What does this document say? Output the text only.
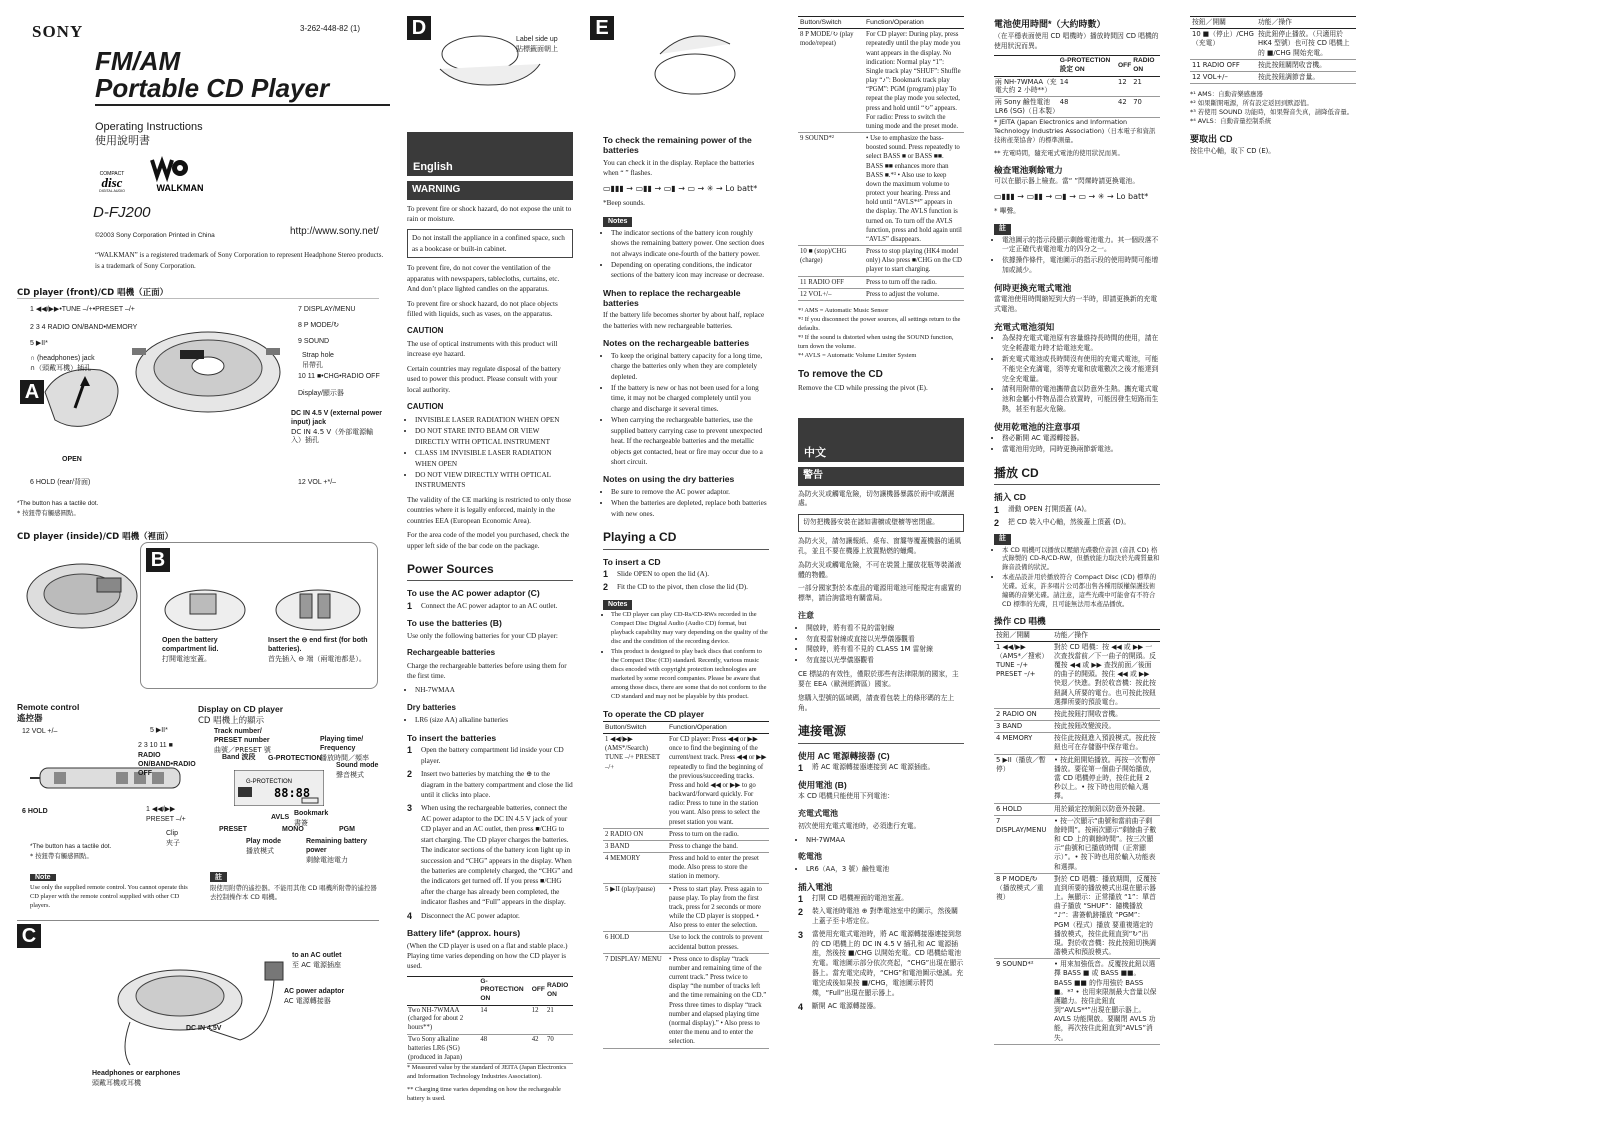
SONY	3-262-448-82 (1)
FM/AM
Portable CD Player
Operating Instructions
使用說明書
COMPACT
disc
DIGITAL AUDIO	WALKMAN
D-FJ200
©2003 Sony Corporation Printed in China	http://www.sony.net/
“WALKMAN” is a registered trademark of Sony Corporation to represent Headphone Stereo products. is a trademark of Sony Corporation.
CD player (front)/CD 唱機（正面）
A
1 ◀◀/▶▶•TUNE –/+•PRESET –/+
2 3 4 RADIO ON/BAND•MEMORY
5 ▶II*
∩ (headphones) jack
∩（頭戴耳機）插孔
OPEN
6 HOLD (rear/背面)
7 DISPLAY/MENU
8 P MODE/↻
9 SOUND
Strap hole
吊帶孔
10 11 ■•CHG•RADIO OFF
Display/顯示器
DC IN 4.5 V (external power input) jack
DC IN 4.5 V（外部電源輸入）插孔
12 VOL +*/–
*The button has a tactile dot.
* 按鈕帶有觸感圓點。
CD player (inside)/CD 唱機（裡面）
B
Open the battery compartment lid.
打開電池室蓋。
Insert the ⊖ end first (for both batteries).
首先插入 ⊖ 端（兩電池都是）。
Remote control
遙控器
12 VOL +/–	5 ▶II*
2 3 10 11 ■
RADIO ON/BAND•RADIO OFF
1 ◀◀/▶▶
PRESET –/+
6 HOLD
Clip
夾子
*The button has a tactile dot.
* 按鈕帶有觸感圓點。
Note
Use only the supplied remote control. You cannot operate this CD player with the remote control supplied with other CD players.
註
限使用附帶的遙控器。不能用其他 CD 唱機所附帶的遙控器去控制操作本 CD 唱機。
Display on CD player
CD 唱機上的顯示
G-PROTECTION
88:88
Track number/ PRESET number
曲號／PRESET 號
Band 波段 G-PROTECTION
Playing time/ Frequency
播放時間／頻率
Sound mode
聲音模式
Bookmark
書簽
AVLS
PRESET	MONO	PGM
Play mode
播放模式
Remaining battery power
剩餘電池電力
C
to an AC outlet
至 AC 電源插座
AC power adaptor
AC 電源轉接器
DC IN 4.5V
Headphones or earphones
頭戴耳機或耳機
D
Label side up
貼標籤面朝上
E
English
WARNING

To prevent fire or shock hazard, do not expose the unit to rain or moisture.

Do not install the appliance in a confined space, such as a bookcase or built-in cabinet.

To prevent fire, do not cover the ventilation of the apparatus with newspapers, tablecloths, curtains, etc. And don’t place lighted candles on the apparatus.

To prevent fire or shock hazard, do not place objects filled with liquids, such as vases, on the apparatus.

CAUTION

The use of optical instruments with this product will increase eye hazard.

Certain countries may regulate disposal of the battery used to power this product. Please consult with your local authority.

CAUTION
• INVISIBLE LASER RADIATION WHEN OPEN
• DO NOT STARE INTO BEAM OR VIEW DIRECTLY WITH OPTICAL INSTRUMENT
• CLASS 1M INVISIBLE LASER RADIATION WHEN OPEN
• DO NOT VIEW DIRECTLY WITH OPTICAL INSTRUMENTS

The validity of the CE marking is restricted to only those countries where it is legally enforced, mainly in the countries EEA (European Economic Area).

For the area code of the model you purchased, check the upper left side of the bar code on the package.

Power Sources
To use the AC power adaptor (C)
1 Connect the AC power adaptor to an AC outlet.
To use the batteries (B)

Use only the following batteries for your CD player:

Rechargeable batteries

Charge the rechargeable batteries before using them for the first time.

• NH-7WMAA
Dry batteries
• LR6 (size AA) alkaline batteries
To insert the batteries
1 Open the battery compartment lid inside your CD player.
2 Insert two batteries by matching the ⊕ to the diagram in the battery compartment and close the lid until it clicks into place.
3 When using the rechargeable batteries, connect the AC power adaptor to the DC IN 4.5 V jack of your CD player and an AC outlet, then press ■/CHG to start charging. The CD player charges the batteries. The indicator sections of the battery icon light up in succession and “CHG” appears in the display. When the batteries are completely charged, the “CHG” and the indicators get turned off. If you press ■/CHG after the charge has already been completed, the indicator flashes and “Full” appears in the display.
4 Disconnect the AC power adaptor.
Battery life* (approx. hours)

(When the CD player is used on a flat and stable place.) Playing time varies depending on how the CD player is used.

	G-PROTECTION ON	OFF	RADIO ON
Two NH-7WMAA (charged for about 2 hours**)	14	12	21
Two Sony alkaline batteries LR6 (SG) (produced in Japan)	48	42	70

* Measured value by the standard of JEITA (Japan Electronics and Information Technology Industries Association).

** Charging time varies depending on how the rechargeable battery is used.

To check the remaining power of the batteries

You can check it in the display. Replace the batteries when “ ” flashes.

▭▮▮▮ → ▭▮▮ → ▭▮ → ▭ → ✳ → Lo batt*

*Beep sounds.

Notes
• The indicator sections of the battery icon roughly shows the remaining battery power. One section does not always indicate one-fourth of the battery power.
• Depending on operating conditions, the indicator sections of the battery icon may increase or decrease.
When to replace the rechargeable batteries

If the battery life becomes shorter by about half, replace the batteries with new rechargeable batteries.

Notes on the rechargeable batteries
• To keep the original battery capacity for a long time, charge the batteries only when they are completely depleted.
• If the battery is new or has not been used for a long time, it may not be charged completely until you charge and discharge it several times.
• When carrying the rechargeable batteries, use the supplied battery carrying case to prevent unexpected heat. If the rechargeable batteries and the metallic objects get contacted, heat or fire may occur due to a short circuit.
Notes on using the dry batteries
• Be sure to remove the AC power adaptor.
• When the batteries are depleted, replace both batteries with new ones.
Playing a CD
To insert a CD
1 Slide OPEN to open the lid (A).
2 Fit the CD to the pivot, then close the lid (D).
Notes
• The CD player can play CD-Rs/CD-RWs recorded in the Compact Disc Digital Audio (Audio CD) format, but playback capability may vary depending on the quality of the disc and the condition of the recording device.
• This product is designed to play back discs that conform to the Compact Disc (CD) standard. Recently, various music discs encoded with copyright protection technologies are marketed by some record companies. Please be aware that among those discs, there are some that do not conform to the CD standard and may not be playable by this product.
To operate the CD player
Button/Switch	Function/Operation
1 ◀◀/▶▶ (AMS*/Search) TUNE –/+ PRESET –/+	For CD player: Press ◀◀ or ▶▶ once to find the beginning of the current/next track. Press ◀◀ or ▶▶ repeatedly to find the beginning of the previous/succeeding tracks. Press and hold ◀◀ or ▶▶ to go backward/forward quickly. For radio: Press to tune in the station you want. Also press to select the preset station you want.
2 RADIO ON	Press to turn on the radio.
3 BAND	Press to change the band.
4 MEMORY	Press and hold to enter the preset mode. Also press to store the station in memory.
5 ▶II (play/pause)	• Press to start play. Press again to pause play. To play from the first track, press for 2 seconds or more while the CD player is stopped. • Also press to enter the selection.
6 HOLD	Use to lock the controls to prevent accidental button presses.
7 DISPLAY/ MENU	• Press once to display “track number and remaining time of the current track.” Press twice to display “the number of tracks left and the time remaining on the CD.” Press three times to display “track number and elapsed playing time (normal display).” • Also press to enter the menu and to enter the selection.
Button/Switch	Function/Operation
8 P MODE/↻ (play mode/repeat)	For CD player: During play, press repeatedly until the play mode you want appears in the display. No indication: Normal play “1”: Single track play “SHUF”: Shuffle play “♪”: Bookmark track play “PGM”: PGM (program) play To repeat the play mode you selected, press and hold until “↻” appears. For radio: Press to switch the tuning mode and the preset mode.
9 SOUND*²	• Use to emphasize the bass-boosted sound. Press repeatedly to select BASS ■ or BASS ■■. BASS ■■ enhances more than BASS ■.*³ • Also use to keep down the maximum volume to protect your hearing. Press and hold until “AVLS*⁴” appears in the display. The AVLS function is turned on. To turn off the AVLS function, press and hold again until “AVLS” disappears.
10 ■ (stop)/CHG (charge)	Press to stop playing (HK4 model only) Also press ■/CHG on the CD player to start charging.
11 RADIO OFF	Press to turn off the radio.
12 VOL+/–	Press to adjust the volume.
*¹ AMS = Automatic Music Sensor
*² If you disconnect the power sources, all settings return to the defaults.
*³ If the sound is distorted when using the SOUND function, turn down the volume.
*⁴ AVLS = Automatic Volume Limiter System
To remove the CD

Remove the CD while pressing the pivot (E).

中文
警告

為防火災或觸電危險，切勿讓機器暴露於雨中或潮濕處。

切勿把機器安裝在諸如書櫥或壁櫥等密閉處。

為防火災，請勿讓報紙、桌布、窗簾等覆蓋機器的通風孔，並且不要在機器上放置點燃的蠟燭。

為防火災或觸電危險，不可在裝置上擺放花瓶等裝滿液體的物體。

一部分國家對於本產品的電源用電池可能規定有處置的標準，請洽詢當地有關當局。

注意
• 開啟時，將有看不見的雷射線
• 勿直視雷射線或直接以光學儀器觀看
• 開啟時，將有看不見的 CLASS 1M 雷射線
• 勿直接以光學儀器觀看

CE 標誌的有效性，僅限於那些有法律限制的國家，主要在 EEA（歐洲經濟區）國家。

您購入型號的區域碼，請查看包裝上的條形碼的左上角。

連接電源
使用 AC 電源轉接器 (C)
1 將 AC 電源轉接器連接到 AC 電源插座。
使用電池 (B)

本 CD 唱機只能使用下列電池：

充電式電池

初次使用充電式電池時，必須進行充電。

• NH-7WMAA
乾電池
• LR6（AA，3 號）鹼性電池
插入電池
1 打開 CD 唱機裡面的電池室蓋。
2 裝入電池時電池 ⊕ 對準電池室中的圖示，然後關上蓋子至卡塔定位。
3 當使用充電式電池時，將 AC 電源轉接器連接到您的 CD 唱機上的 DC IN 4.5 V 插孔和 AC 電源插座，然後按 ■/CHG 以開始充電。CD 唱機給電池充電。電池圖示部分依次亮起，“CHG”出現在顯示器上。當充電完成時，“CHG”和電池圖示熄滅。充電完成後如果按 ■/CHG，電池圖示將閃爍，“Full”出現在顯示器上。
4 斷開 AC 電源轉接器。
電池使用時間*（大約時數）

（在平穩表面使用 CD 唱機時）播放時間因 CD 唱機的使用狀況而異。

	G-PROTECTION 設定 ON	OFF	RADIO ON
兩 NH-7WMAA（充電大約 2 小時**）	14	12	21
兩 Sony 鹼性電池 LR6 (SG)（日本製）	48	42	70

* JEITA (Japan Electronics and Information Technology Industries Association)（日本電子和資訊技術產業協會）的標準測量。

** 充電時間，隨充電式電池的使用狀況而異。

檢查電池剩餘電力

可以在顯示器上檢查。當“ ”閃爍時請更換電池。

▭▮▮▮ → ▭▮▮ → ▭▮ → ▭ → ✳ → Lo batt*

* 嗶聲。

註
• 電池圖示的指示段顯示剩餘電池電力。其一個段落不一定正確代表電池電力的四分之一。
• 依據操作條件，電池圖示的指示段的使用時間可能增加或減少。
何時更換充電式電池

當電池使用時間縮短到大約一半時，即請更換新的充電式電池。

充電式電池須知
• 為保持充電式電池原有容量維持長時間的使用，請在完全耗盡電力時才給電池充電。
• 新充電式電池或長時間沒有使用的充電式電池，可能不能完全充滿電，須等充電和放電數次之後才能達到完全充電量。
• 請利用附帶的電池攜帶盒以防意外生熱。攜充電式電池和金屬小件物品混合放置時，可能因發生短路而生熱，甚至有起火危險。
使用乾電池的注意事項
• 務必斷開 AC 電源轉接器。
• 當電池用完時，同時更換兩節新電池。
播放 CD
插入 CD
1 滑動 OPEN 打開頂蓋 (A)。
2 把 CD 裝入中心軸，然後蓋上頂蓋 (D)。
註
• 本 CD 唱機可以播放以壓縮光碟數位音訊 (音訊 CD) 格式錄製的 CD-R/CD-RW，但播放能力取決於光碟質量和錄音設備的狀況。
• 本產品設計用於播放符合 Compact Disc (CD) 標準的光碟。近來，許多唱片公司都出售各種用版權保護技術編碼的音樂光碟。請注意，這些光碟中可能會有不符合 CD 標準的光碟，且可能無法用本產品播放。
操作 CD 唱機
按鈕／開關	功能／操作
1 ◀◀/▶▶（AMS*／搜索）TUNE –/+ PRESET –/+	對於 CD 唱機：按 ◀◀ 或 ▶▶ 一次查找當前／下一曲子的開頭。反覆按 ◀◀ 或 ▶▶ 查找前面／後面的曲子的開頭。按住 ◀◀ 或 ▶▶ 快退／快進。對於收音機：按此按鈕調入所要的電台。也可按此按鈕選擇所要的預設電台。
2 RADIO ON	按此按鈕打開收音機。
3 BAND	按此按鈕改變波段。
4 MEMORY	按住此按鈕進入預設模式。按此按鈕也可在存儲器中保存電台。
5 ▶II（播放／暫停）	• 按此鈕開始播放。再按一次暫停播放。要從第一個曲子開始播放，當 CD 唱機停止時，按住此鈕 2 秒以上。• 按下時也用於輸入選擇。
6 HOLD	用於鎖定控制鈕以防意外按鍵。
7 DISPLAY/MENU	• 按一次顯示“曲號和當前曲子剩餘時間”。按兩次顯示“剩餘曲子數和 CD 上的剩餘時間”。按三次顯示“曲號和已播放時間（正常顯示）”。• 按下時也用於輸入功能表和選擇。
8 P MODE/↻（播放模式／重複）	對於 CD 唱機：播放期間，反覆按直到所要的播放模式出現在顯示器上。無顯示：正常播放 “1”：單首曲子播放 “SHUF”：隨機播放 “♪”：書簽軌跡播放 “PGM”：PGM（程式）播放 要重複選定的播放模式，按住此鈕直到“↻”出現。對於收音機：按此按鈕切換調諧模式和預設模式。
9 SOUND*²	• 用來加強低音。反覆按此鈕以選擇 BASS ■ 或 BASS ■■。BASS ■■ 的作用強於 BASS ■。*³ • 也用來限制最大音量以保護聽力。按住此鈕直到“AVLS*⁴”出現在顯示器上。AVLS 功能開啟。要關閉 AVLS 功能，再次按住此鈕直到“AVLS”消失。
按鈕／開關	功能／操作
10 ■（停止）/CHG（充電）	按此鈕停止播放。（只適用於 HK4 型號）也可按 CD 唱機上的 ■/CHG 開始充電。
11 RADIO OFF	按此按鈕關閉收音機。
12 VOL+/–	按此按鈕調節音量。
*¹ AMS：自動音樂感應器
*² 如果斷開電源，所有設定返回到默認值。
*³ 若使用 SOUND 功能時，如果聲音失真，請降低音量。
*⁴ AVLS：自動音量控制系統
要取出 CD

按住中心軸，取下 CD (E)。
